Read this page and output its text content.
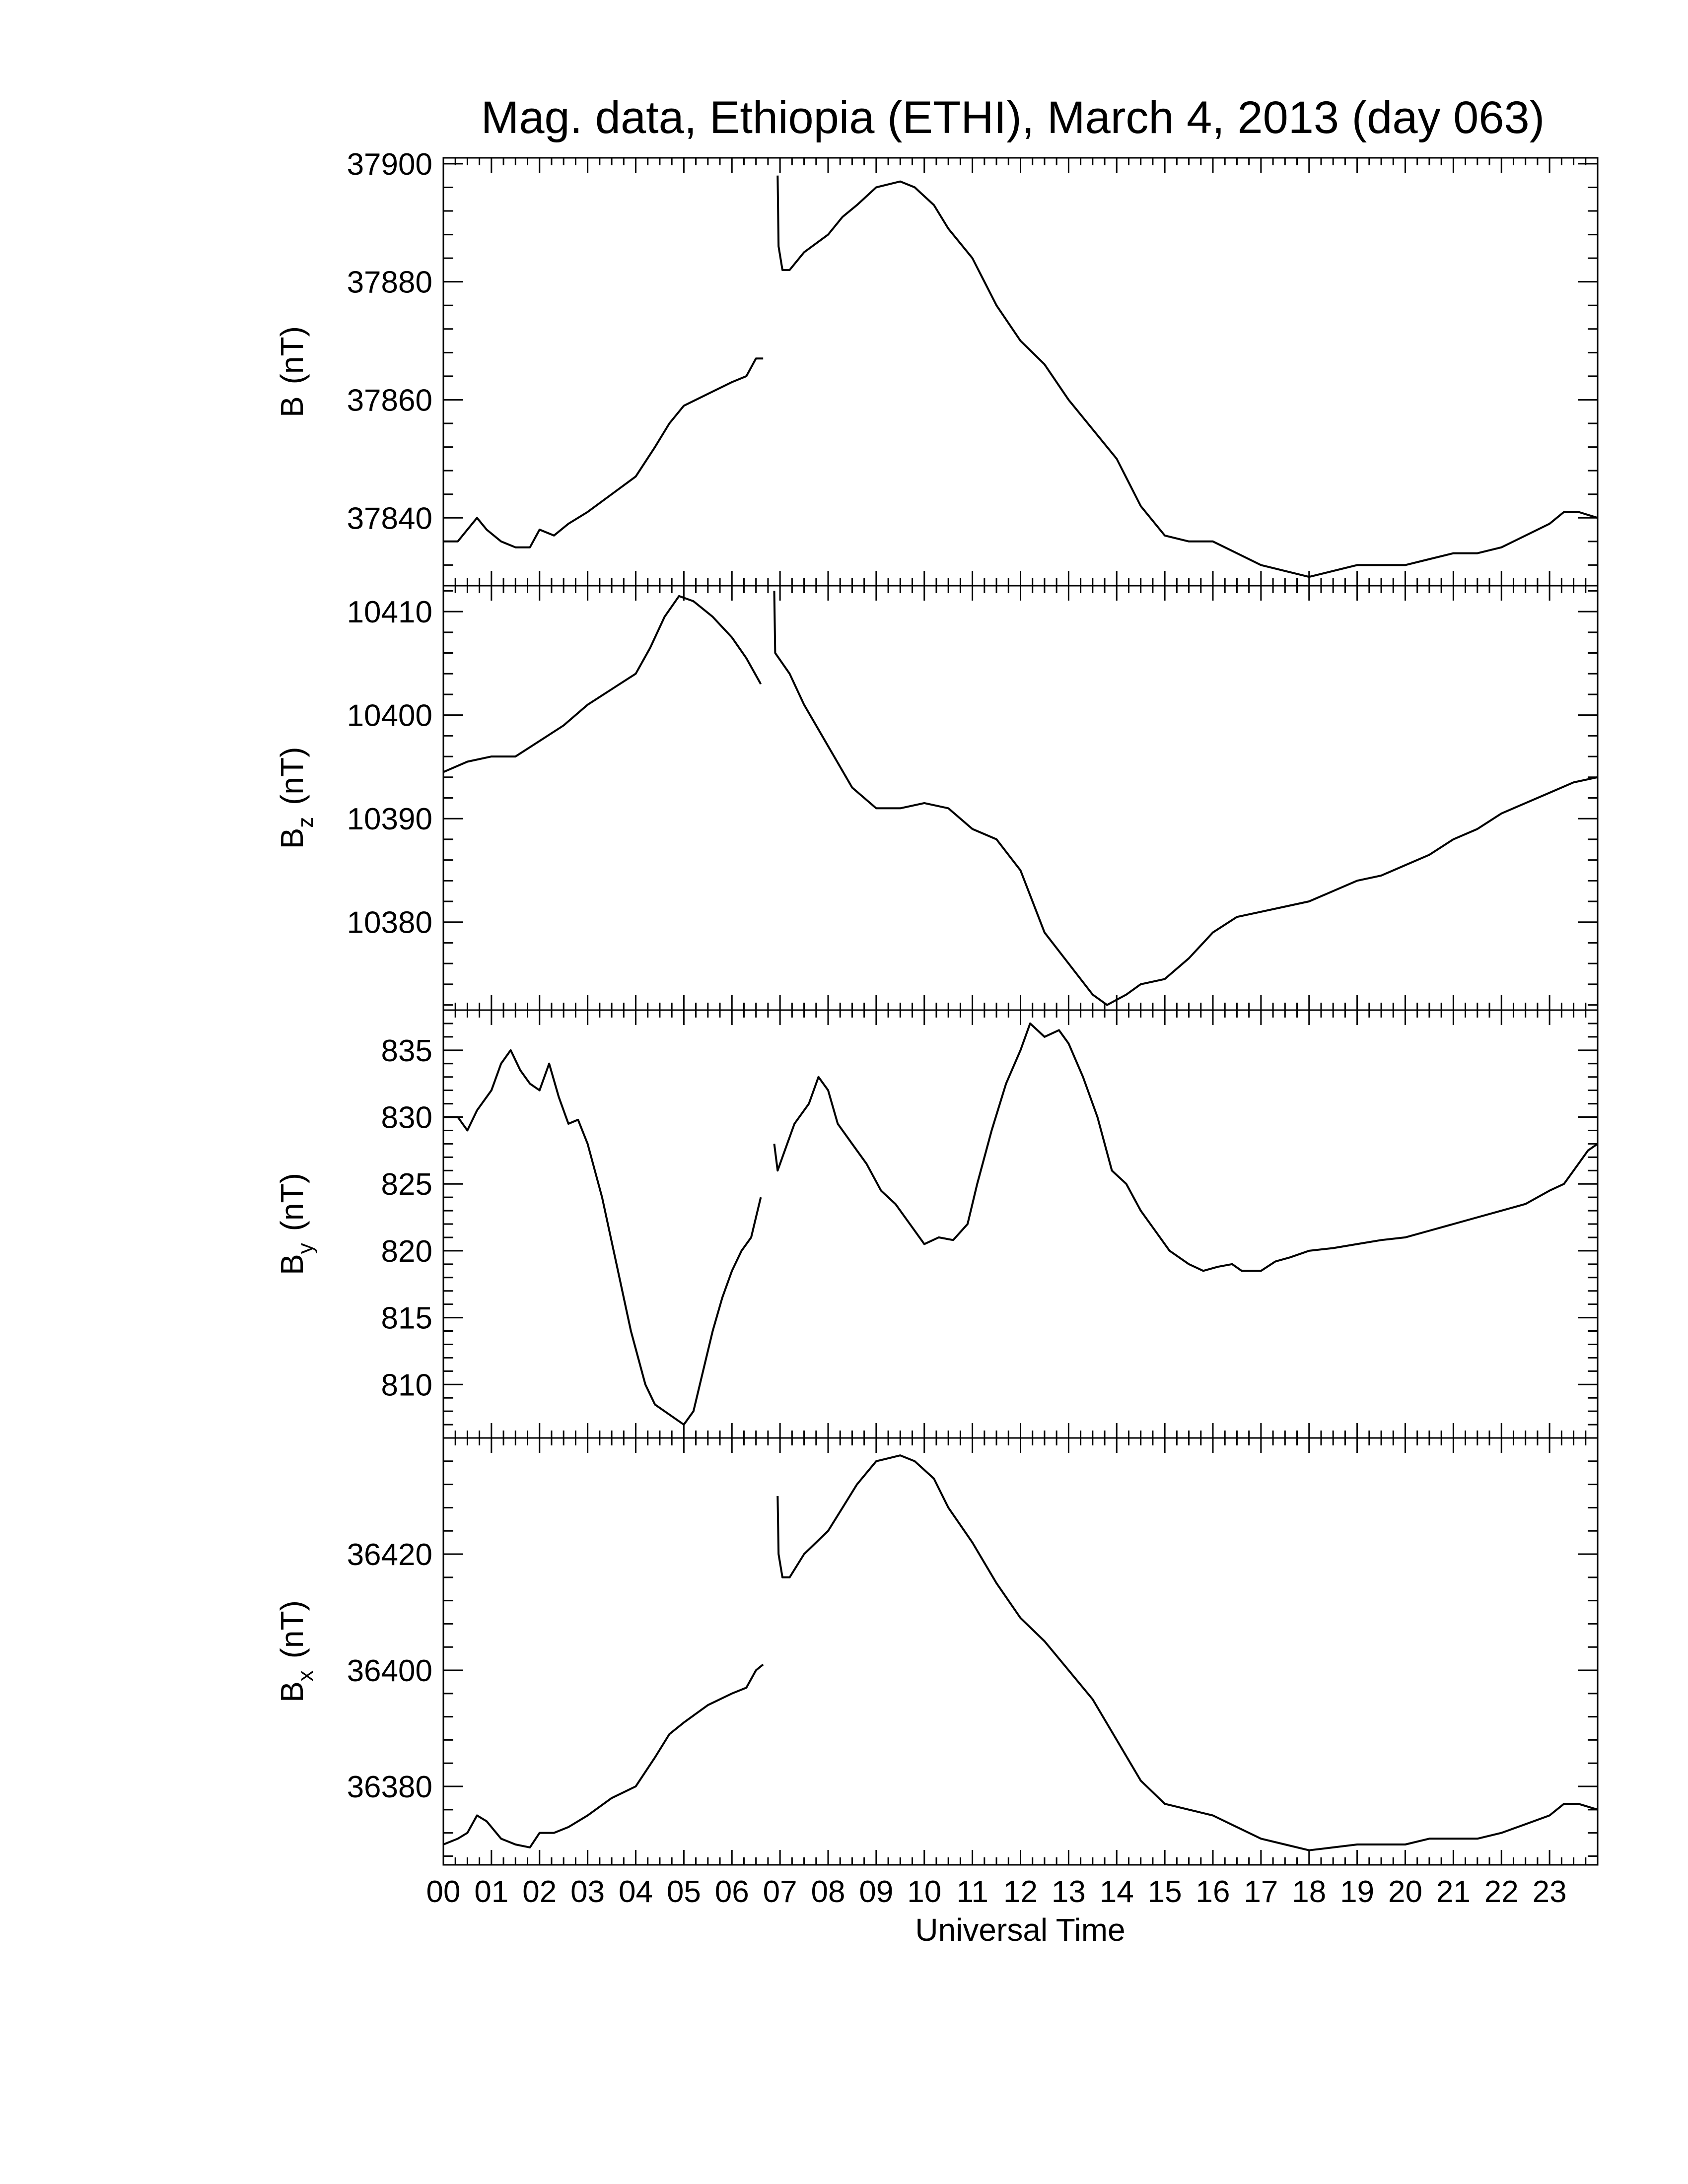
Mag. data, Ethiopia (ETHI), March 4, 2013 (day 063)
37840
37860
37880
37900
B (nT)
10380
10390
10400
10410
$B_z$ (nT)
810
815
820
825
830
835
$B_y$ (nT)
36380
36400
36420
$B_x$ (nT)
00 01 02 03 04 05 06 07 08 09 10 11 12 13 14 15 16 17 18 19 20 21 22 23
Universal Time
